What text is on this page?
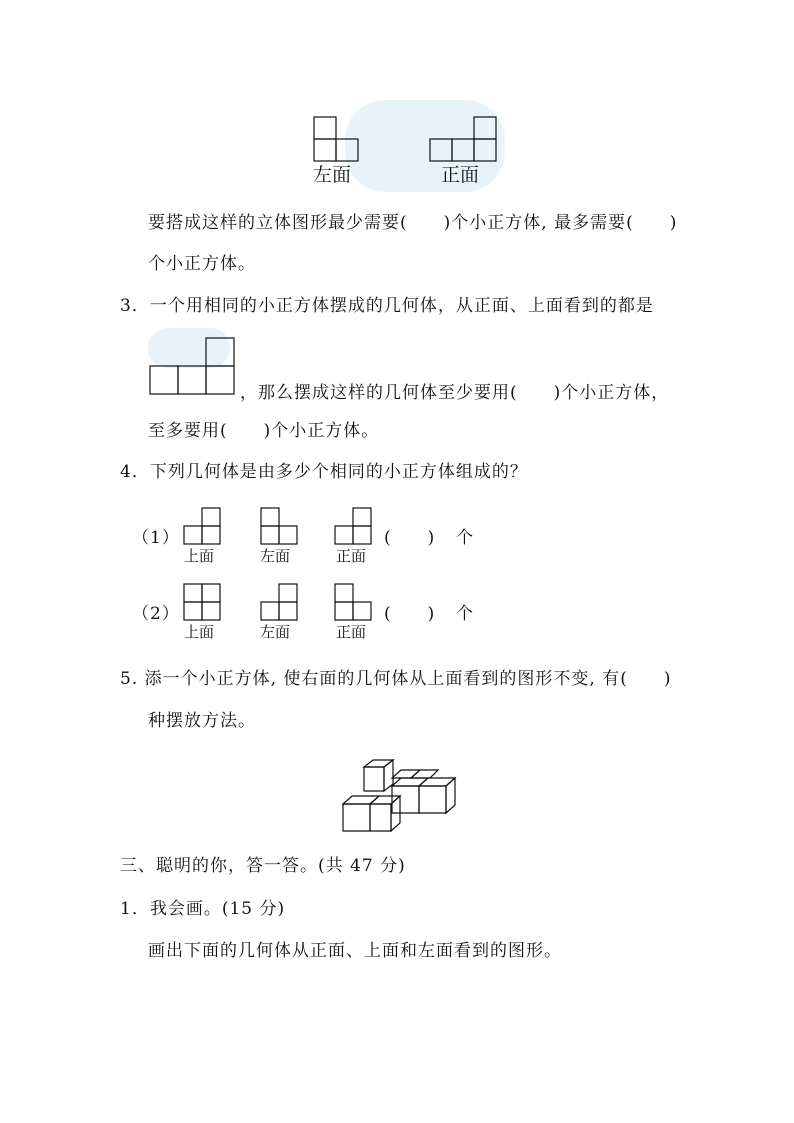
左面	正面
要搭成这样的立体图形最少需要(　　)个小正方体, 最多需要(　　)
个小正方体。
3．一个用相同的小正方体摆成的几何体，从正面、上面看到的都是
，那么摆成这样的几何体至少要用(　　)个小正方体，
至多要用(　　)个小正方体。
4．下列几何体是由多少个相同的小正方体组成的？
（1）
上面	左面	正面
(　　) 个
（2）
上面	左面	正面
(　　) 个
5. 添一个小正方体, 使右面的几何体从上面看到的图形不变, 有(　　)
种摆放方法。
三、聪明的你，答一答。(共 47 分)
1．我会画。(15 分)
画出下面的几何体从正面、上面和左面看到的图形。
